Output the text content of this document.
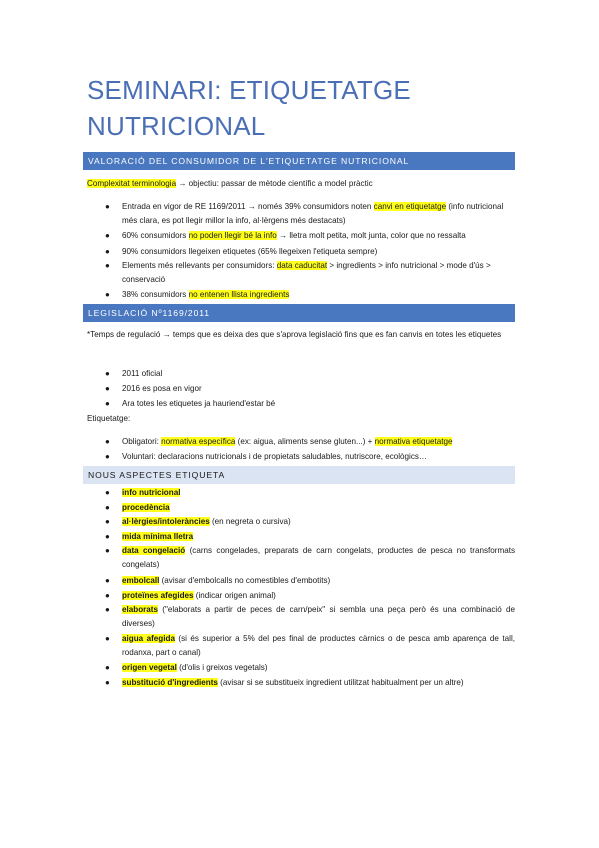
SEMINARI: ETIQUETATGE NUTRICIONAL
VALORACIÓ DEL CONSUMIDOR DE L'ETIQUETATGE NUTRICIONAL
Complexitat terminologia → objectiu: passar de mètode científic a model pràctic
● Entrada en vigor de RE 1169/2011 → només 39% consumidors noten canvi en etiquetatge (info nutricional més clara, es pot llegir millor la info, al·lèrgens més destacats)
● 60% consumidors no poden llegir bé la info → lletra molt petita, molt junta, color que no ressalta
● 90% consumidors llegeixen etiquetes (65% llegeixen l'etiqueta sempre)
● Elements més rellevants per consumidors: data caducitat > ingredients > info nutricional > mode d'ús > conservació
● 38% consumidors no entenen llista ingredients
LEGISLACIÓ Nº1169/2011
*Temps de regulació → temps que es deixa des que s'aprova legislació fins que es fan canvis en totes les etiquetes
● 2011 oficial
● 2016 es posa en vigor
● Ara totes les etiquetes ja hauriend'estar bé
Etiquetatge:
● Obligatori: normativa específica (ex: aigua, aliments sense gluten...) + normativa etiquetatge
● Voluntari: declaracions nutricionals i de propietats saludables, nutriscore, ecològics…
NOUS ASPECTES ETIQUETA
● info nutricional
● procedència
● al·lèrgies/intoleràncies (en negreta o cursiva)
● mida mínima lletra
● data congelació (carns congelades, preparats de carn congelats, productes de pesca no transformats congelats)
● embolcall (avisar d'embolcalls no comestibles d'embotits)
● proteïnes afegides (indicar origen animal)
● elaborats ("elaborats a partir de peces de carn/peix" si sembla una peça però és una combinació de diverses)
● aigua afegida (si és superior a 5% del pes final de productes càrnics o de pesca amb aparença de tall, rodanxa, part o canal)
● origen vegetal (d'olis i greixos vegetals)
● substitució d'ingredients (avisar si se substitueix ingredient utilitzat habitualment per un altre)
